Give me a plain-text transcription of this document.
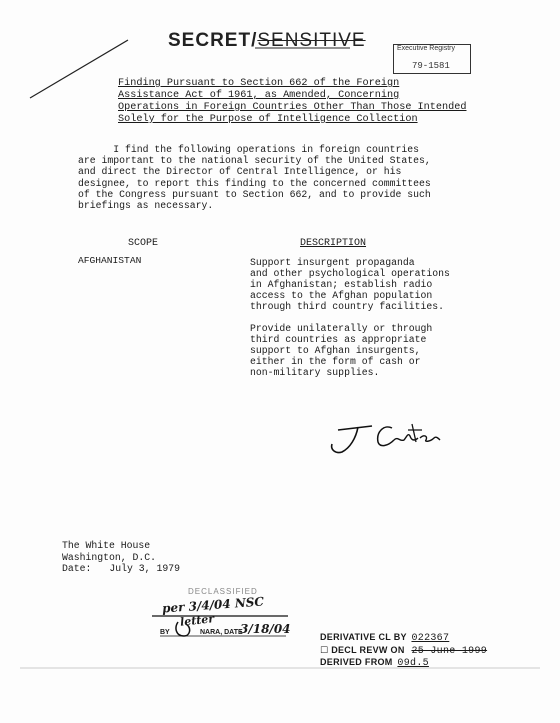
SECRET/SENSITIVE	Executive Registry
79-1581
Finding Pursuant to Section 662 of the Foreign
Assistance Act of 1961, as Amended, Concerning
Operations in Foreign Countries Other Than Those Intended
Solely for the Purpose of Intelligence Collection
I find the following operations in foreign countries
are important to the national security of the United States,
and direct the Director of Central Intelligence, or his
designee, to report this finding to the concerned committees
of the Congress pursuant to Section 662, and to provide such
briefings as necessary.
SCOPE	DESCRIPTION
AFGHANISTAN	Support insurgent propaganda
and other psychological operations
in Afghanistan; establish radio
access to the Afghan population
through third country facilities.
Provide unilaterally or through
third countries as appropriate
support to Afghan insurgents,
either in the form of cash or
non-military supplies.
The White House
Washington, D.C.
Date: July 3, 1979
DECLASSIFIED
per 3/4/04 NSC
letter
BY	NARA, DATE
3/18/04
DERIVATIVE CL BY 022367
☐ DECL REVW ON 25 June 1999
DERIVED FROM 09d.5
